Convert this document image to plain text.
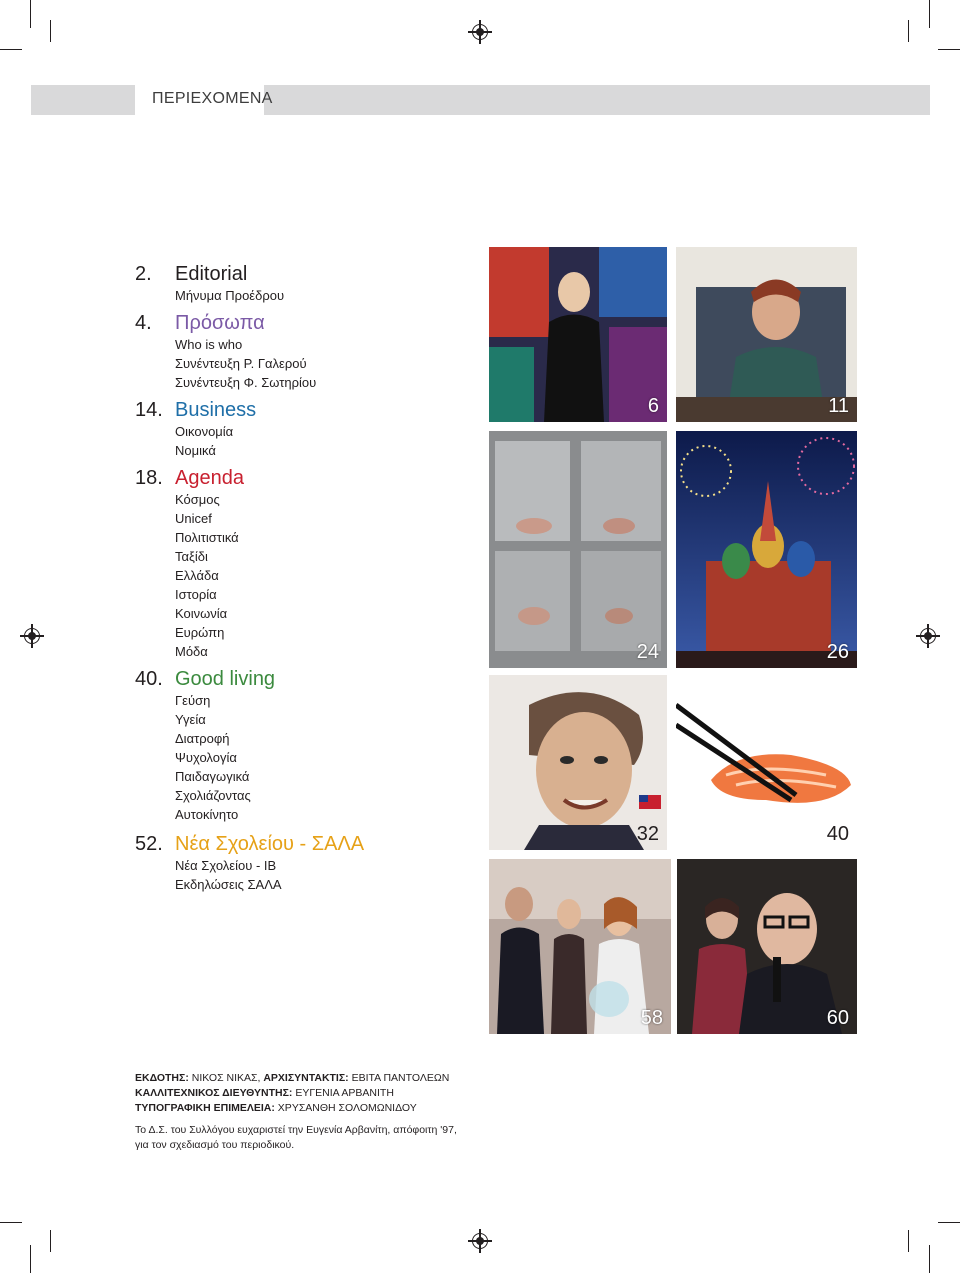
ΠΕΡΙΕΧΟΜΕΝΑ
2.	Editorial
Μήνυμα Προέδρου
4.	Πρόσωπα
Who is who
Συνέντευξη Ρ. Γαλερού
Συνέντευξη Φ. Σωτηρίου
14. Business
Οικονομία
Νομικά
18. Agenda
Κόσμος
Unicef
Πολιτιστικά
Ταξίδι
Ελλάδα
Ιστορία
Κοινωνία
Ευρώπη
Μόδα
40. Good living
Γεύση
Υγεία
Διατροφή
Ψυχολογία
Παιδαγωγικά
Σχολιάζοντας
Αυτοκίνητο
52. Νέα Σχολείου - ΣΑΛΑ
Νέα Σχολείου - IB
Εκδηλώσεις ΣΑΛΑ
6	11
24	26
32	40
58	60
ΕΚΔΟΤΗΣ: ΝΙΚΟΣ ΝΙΚΑΣ, ΑΡΧΙΣΥΝΤΑΚΤΙΣ: ΕΒΙΤΑ ΠΑΝΤΟΛΕΩΝ
ΚΑΛΛΙΤΕΧΝΙΚΟΣ ΔΙΕΥΘΥΝΤΗΣ: ΕΥΓΕΝΙΑ ΑΡΒΑΝΙΤΗ
ΤΥΠΟΓΡΑΦΙΚΗ ΕΠΙΜΕΛΕΙΑ: ΧΡΥΣΑΝΘΗ ΣΟΛΟΜΩΝΙΔΟΥ
Το Δ.Σ. του Συλλόγου ευχαριστεί την Ευγενία Αρβανίτη, απόφοιτη '97,
για τον σχεδιασμό του περιοδικού.
